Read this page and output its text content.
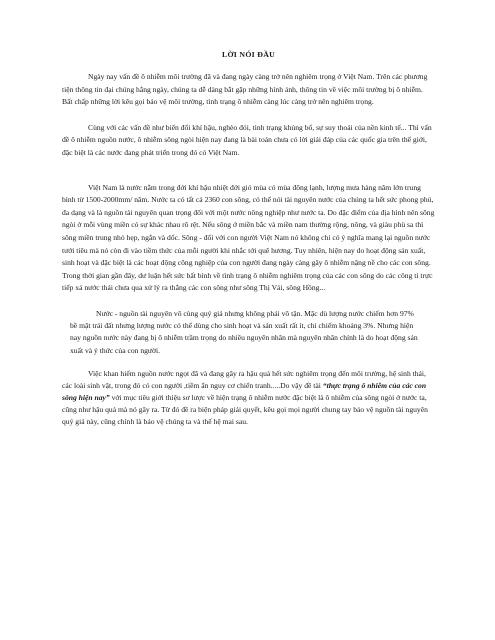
LỜI NÓI ĐẦU

Ngày nay vấn đề ô nhiễm môi trường đã và đang ngày càng trở nên nghiêm trọng ở Việt Nam. Trên các phương tiện thông tin đại chúng hằng ngày, chúng ta dễ dàng bắt gặp những hình ảnh, thông tin về việc môi trường bị ô nhiễm. Bất chấp những lời kêu gọi bảo vệ môi trường, tình trạng ô nhiễm càng lúc càng trở nên nghiêm trọng.

Cùng với các vấn đề như biến đổi khí hậu, nghèo đói, tình trạng khủng bố, sự suy thoái của nền kinh tế... Thì vấn đề ô nhiễm nguồn nước, ô nhiễm sông ngòi hiện nay đang là bài toán chưa có lời giải đáp của các quốc gia trên thế giới, đặc biệt là các nước đang phát triển trong đó có Việt Nam.

Việt Nam là nước nằm trong đới khí hậu nhiệt đới gió mùa có mùa đông lạnh, lượng mưa hàng năm lớn trung bình từ 1500-2000mm/ năm. Nước ta có tất cả 2360 con sông, có thể nói tài nguyên nước của chúng ta hết sức phong phú, đa dạng và là nguồn tài nguyên quan trọng đối với một nước nông nghiệp như nước ta. Do đặc điểm của địa hình nên sông ngòi ở mỗi vùng miền có sự khác nhau rõ rệt. Nếu sông ở miền bắc và miền nam thường rộng, nông, và giàu phù sa thì sông miền trung nhỏ hẹp, ngắn và dốc. Sông - đối với con người Việt Nam nó không chỉ có ý nghĩa mang lại nguồn nước tưới tiêu mà nó còn đi vào tiềm thức của mỗi người khi nhắc tới quê hương. Tuy nhiên, hiện nay do hoạt động sản xuất, sinh hoạt và đặc biệt là các hoạt động công nghiệp của con người đang ngày càng gây ô nhiễm nặng nề cho các con sông. Trong thời gian gần đây, dư luận hết sức bất bình về tình trạng ô nhiễm nghiêm trọng của các con sông do các công ti trực tiếp xả nước thải chưa qua xử lý ra thẳng các con sông như sông Thị Vải, sông Hồng...

Nước - nguồn tài nguyên vô cùng quý giá nhưng không phải vô tận. Mặc dù lượng nước chiếm hơn 97% bề mặt trái đất nhưng lượng nước có thể dùng cho sinh hoạt và sản xuất rất ít, chỉ chiếm khoảng 3%. Nhưng hiện nay nguồn nước này đang bị ô nhiễm trầm trọng do nhiều nguyên nhân mà nguyên nhân chính là do hoạt động sản xuất và ý thức của con người.

Việc khan hiếm nguồn nước ngọt đã và đang gây ra hậu quả hết sức nghiêm trọng đến môi trường, hệ sinh thái, các loài sinh vật, trong đó có con người ,tiềm ẩn nguy cơ chiến tranh.....Do vậy đề tài “thực trạng ô nhiễm của các con sông hiện nay” với mục tiêu giới thiệu sơ lược về hiện trạng ô nhiễm nước đặc biệt là ô nhiễm của sông ngòi ở nước ta, cũng như hậu quả mà nó gây ra. Từ đó đề ra biện pháp giải quyết, kêu gọi mọi người chung tay bảo vệ nguồn tài nguyên quý giá này, cũng chính là bảo vệ chúng ta và thế hệ mai sau.
